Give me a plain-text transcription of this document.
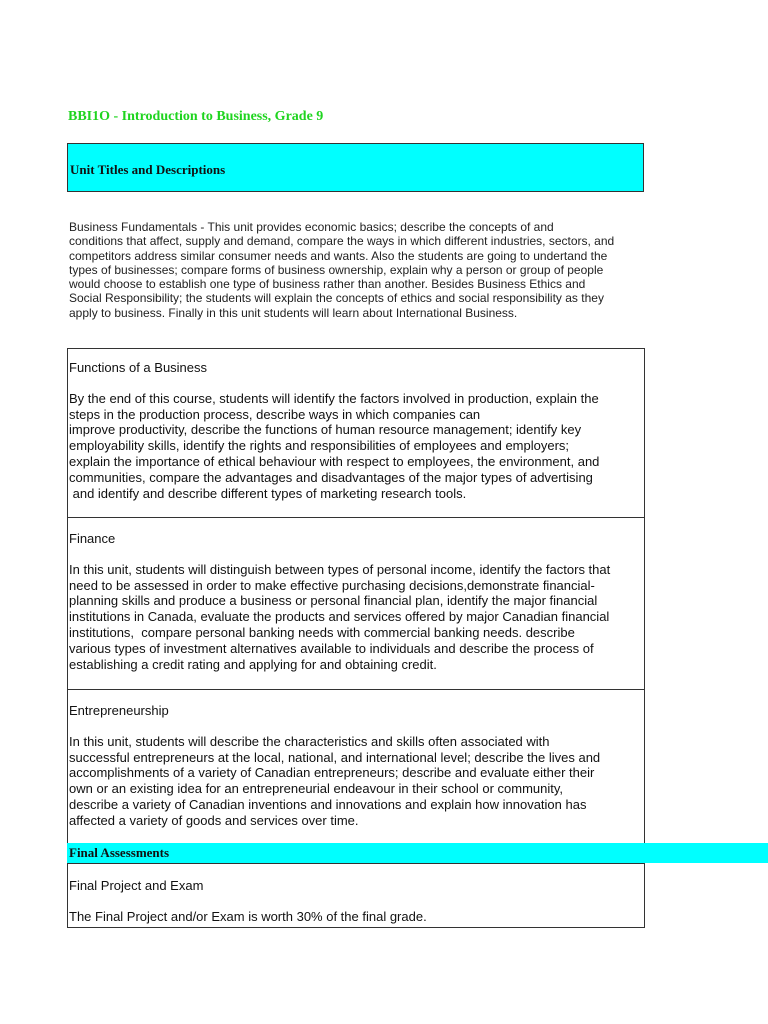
BBI1O - Introduction to Business, Grade 9
Unit Titles and Descriptions
Business Fundamentals - This unit provides economic basics; describe the concepts of and
conditions that affect, supply and demand, compare the ways in which different industries, sectors, and
competitors address similar consumer needs and wants. Also the students are going to undertand the
types of businesses; compare forms of business ownership, explain why a person or group of people
would choose to establish one type of business rather than another. Besides Business Ethics and
Social Responsibility; the students will explain the concepts of ethics and social responsibility as they
apply to business. Finally in this unit students will learn about International Business.
Functions of a Business
By the end of this course, students will identify the factors involved in production, explain the
steps in the production process, describe ways in which companies can
improve productivity, describe the functions of human resource management; identify key
employability skills, identify the rights and responsibilities of employees and employers;
explain the importance of ethical behaviour with respect to employees, the environment, and
communities, compare the advantages and disadvantages of the major types of advertising
and identify and describe different types of marketing research tools.
Finance
In this unit, students will distinguish between types of personal income, identify the factors that
need to be assessed in order to make effective purchasing decisions,demonstrate financial-
planning skills and produce a business or personal financial plan, identify the major financial
institutions in Canada, evaluate the products and services offered by major Canadian financial
institutions,  compare personal banking needs with commercial banking needs. describe
various types of investment alternatives available to individuals and describe the process of
establishing a credit rating and applying for and obtaining credit.
Entrepreneurship
In this unit, students will describe the characteristics and skills often associated with
successful entrepreneurs at the local, national, and international level; describe the lives and
accomplishments of a variety of Canadian entrepreneurs; describe and evaluate either their
own or an existing idea for an entrepreneurial endeavour in their school or community,
describe a variety of Canadian inventions and innovations and explain how innovation has
affected a variety of goods and services over time.
Final Assessments
Final Project and Exam
The Final Project and/or Exam is worth 30% of the final grade.
